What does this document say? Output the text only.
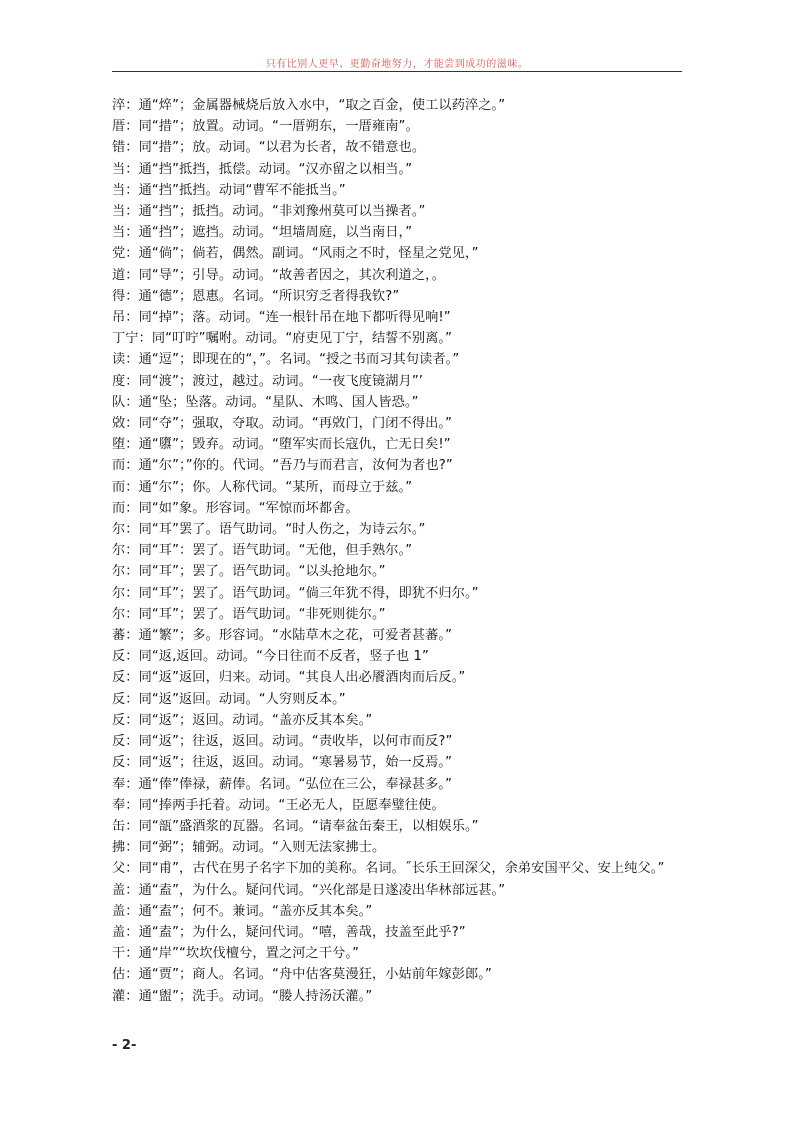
只有比别人更早、更勤奋地努力，才能尝到成功的滋味。
淬：通“焠”；金属器械烧后放入水中，“取之百金，使工以药淬之。”
厝：同“措”；放置。动词。“一厝朔东，一厝雍南”。
错：同“措”；放。动词。“以君为长者，故不错意也。
当：通“挡”抵挡，抵偿。动词。“汉亦留之以相当。”
当：通“挡”抵挡。动词“曹军不能抵当。”
当：通“挡”；抵挡。动词。“非刘豫州莫可以当操者。”
当：通“挡”；遮挡。动词。“坦墙周庭，以当南日，”
党：通“倘”；倘若，偶然。副词。“风雨之不时，怪星之党见，”
道：同“导”；引导。动词。“故善者因之，其次利道之，。
得：通“德”；恩惠。名词。“所识穷乏者得我钦?”
吊：同“掉”；落。动词。“连一根针吊在地下都听得见响!”
丁宁：同“叮咛”嘱咐。动词。“府吏见丁宁，结誓不别离。”
读：通“逗”；即现在的“，”。名词。“授之书而习其句读者。”
度：同“渡”；渡过，越过。动词。“一夜飞度镜湖月”’
队：通“坠；坠落。动词。“星队、木鸣、国人皆恐。”
敚：同“夺”；强取，夺取。动词。“再敚门，门闭不得出。”
堕：通“隳”；毁弃。动词。“堕军实而长寇仇，亡无日矣!”
而：通“尔”；”你的。代词。“吾乃与而君言，汝何为者也?”
而：通“尔”；你。人称代词。“某所，而母立于兹。”
而：同“如”象。形容词。“军惊而坏都舍。
尔：同“耳”罢了。语气助词。“时人伤之，为诗云尔。”
尔：同“耳”：罢了。语气助词。“无他，但手熟尔。”
尔：同“耳”；罢了。语气助词。“以头抢地尔。”
尔：同“耳”；罢了。语气助词。“倘三年犹不得，即犹不归尔。”
尔：同“耳”；罢了。语气助词。“非死则徙尔。”
蕃：通“繁”；多。形容词。“水陆草木之花，可爱者甚蕃。”
反：同“返,返回。动词。“今日往而不反者，竖子也 1”
反：同“返”返回，归来。动词。“其良人出必餍酒肉而后反。”
反：同“返”返回。动词。“人穷则反本。”
反：同“返”；返回。动词。“盖亦反其本矣。”
反：同“返”；往返，返回。动词。“责收毕，以何市而反?”
反：同“返”；往返，返回。动词。“寒暑易节，始一反焉。”
奉：通“俸”俸禄，薪俸。名词。“弘位在三公，奉禄甚多。”
奉：同“捧两手托着。动词。“王必无人，臣愿奉璧往使。
缶：同“瓿”盛酒浆的瓦器。名词。“请奉盆缶秦王，以相娱乐。”
拂：同“弼”；辅弼。动词。“入则无法家拂士。
父：同“甫”，古代在男子名字下加的美称。名词。˝长乐王回深父，余弟安国平父、安上纯父。”
盖：通“盍”，为什么。疑问代词。“兴化部是日遂凌出华林部远甚。”
盖：通“盍”；何不。兼词。“盖亦反其本矣。”
盖：通“盍”；为什么，疑问代词。“嘻，善哉，技盖至此乎?”
干：通“岸”“坎坎伐檀兮，置之河之干兮。”
估：通“贾”；商人。名词。“舟中估客莫漫狂，小姑前年嫁彭郎。”
灌：通“盥”；洗手。动词。“媵人持汤沃灌。”
- 2-
